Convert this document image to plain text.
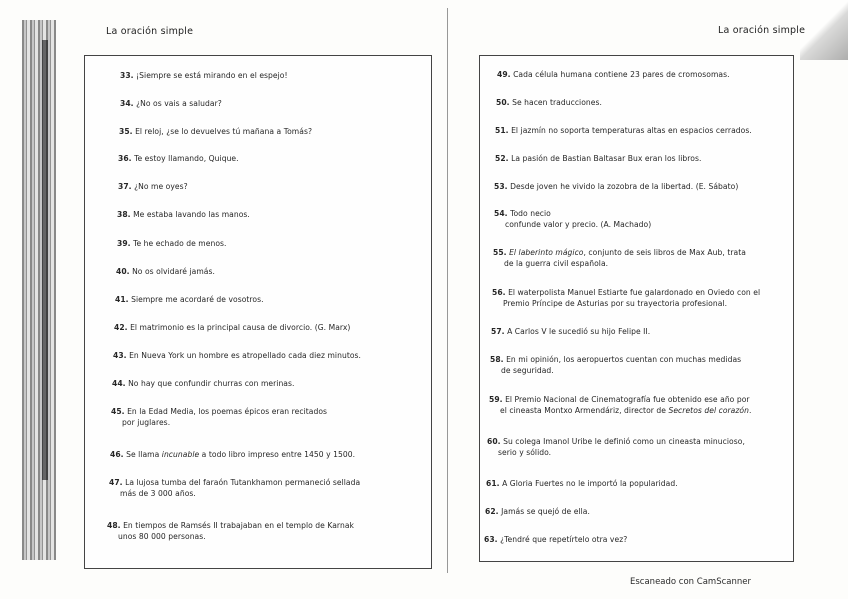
La oración simple	La oración simple
33. ¡Siempre se está mirando en el espejo!
34. ¿No os vais a saludar?
35. El reloj, ¿se lo devuelves tú mañana a Tomás?
36. Te estoy llamando, Quique.
37. ¿No me oyes?
38. Me estaba lavando las manos.
39. Te he echado de menos.
40. No os olvidaré jamás.
41. Siempre me acordaré de vosotros.
42. El matrimonio es la principal causa de divorcio. (G. Marx)
43. En Nueva York un hombre es atropellado cada diez minutos.
44. No hay que confundir churras con merinas.
45. En la Edad Media, los poemas épicos eran recitados
por juglares.
46. Se llama incunable a todo libro impreso entre 1450 y 1500.
47. La lujosa tumba del faraón Tutankhamon permaneció sellada
más de 3 000 años.
48. En tiempos de Ramsés II trabajaban en el templo de Karnak
unos 80 000 personas.
49. Cada célula humana contiene 23 pares de cromosomas.
50. Se hacen traducciones.
51. El jazmín no soporta temperaturas altas en espacios cerrados.
52. La pasión de Bastian Baltasar Bux eran los libros.
53. Desde joven he vivido la zozobra de la libertad. (E. Sábato)
54. Todo necio
confunde valor y precio. (A. Machado)
55. El laberinto mágico, conjunto de seis libros de Max Aub, trata
de la guerra civil española.
56. El waterpolista Manuel Estiarte fue galardonado en Oviedo con el
Premio Príncipe de Asturias por su trayectoria profesional.
57. A Carlos V le sucedió su hijo Felipe II.
58. En mi opinión, los aeropuertos cuentan con muchas medidas
de seguridad.
59. El Premio Nacional de Cinematografía fue obtenido ese año por
el cineasta Montxo Armendáriz, director de Secretos del corazón.
60. Su colega Imanol Uribe le definió como un cineasta minucioso,
serio y sólido.
61. A Gloria Fuertes no le importó la popularidad.
62. Jamás se quejó de ella.
63. ¿Tendré que repetírtelo otra vez?
Escaneado con CamScanner
